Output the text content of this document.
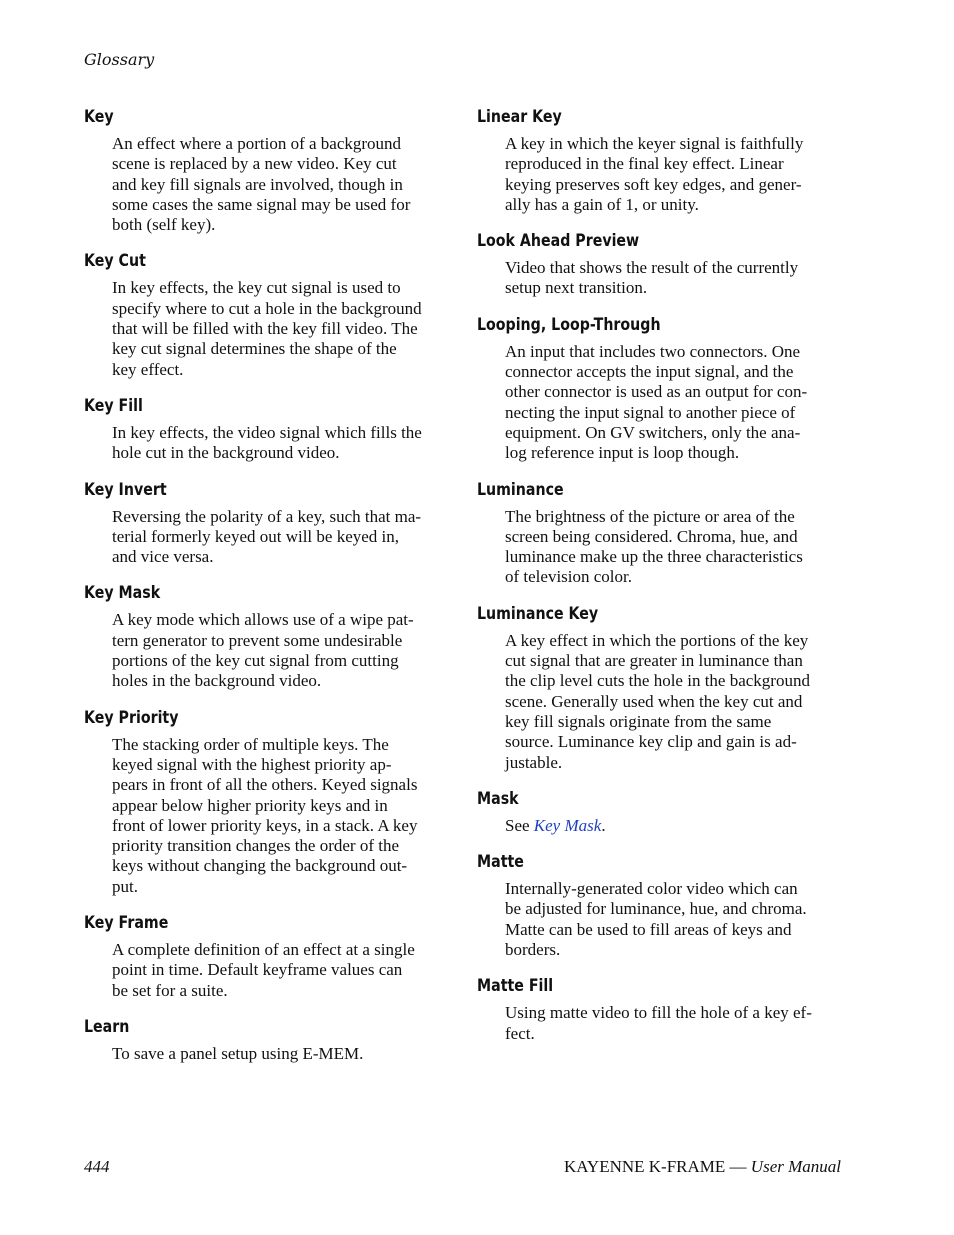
Glossary
Key
An effect where a portion of a background
scene is replaced by a new video. Key cut
and key fill signals are involved, though in
some cases the same signal may be used for
both (self key).
Key Cut
In key effects, the key cut signal is used to
specify where to cut a hole in the background
that will be filled with the key fill video. The
key cut signal determines the shape of the
key effect.
Key Fill
In key effects, the video signal which fills the
hole cut in the background video.
Key Invert
Reversing the polarity of a key, such that ma-
terial formerly keyed out will be keyed in,
and vice versa.
Key Mask
A key mode which allows use of a wipe pat-
tern generator to prevent some undesirable
portions of the key cut signal from cutting
holes in the background video.
Key Priority
The stacking order of multiple keys. The
keyed signal with the highest priority ap-
pears in front of all the others. Keyed signals
appear below higher priority keys and in
front of lower priority keys, in a stack. A key
priority transition changes the order of the
keys without changing the background out-
put.
Key Frame
A complete definition of an effect at a single
point in time. Default keyframe values can
be set for a suite.
Learn
To save a panel setup using E-MEM.
Linear Key
A key in which the keyer signal is faithfully
reproduced in the final key effect. Linear
keying preserves soft key edges, and gener-
ally has a gain of 1, or unity.
Look Ahead Preview
Video that shows the result of the currently
setup next transition.
Looping, Loop-Through
An input that includes two connectors. One
connector accepts the input signal, and the
other connector is used as an output for con-
necting the input signal to another piece of
equipment. On GV switchers, only the ana-
log reference input is loop though.
Luminance
The brightness of the picture or area of the
screen being considered. Chroma, hue, and
luminance make up the three characteristics
of television color.
Luminance Key
A key effect in which the portions of the key
cut signal that are greater in luminance than
the clip level cuts the hole in the background
scene. Generally used when the key cut and
key fill signals originate from the same
source. Luminance key clip and gain is ad-
justable.
Mask
See Key Mask.
Matte
Internally-generated color video which can
be adjusted for luminance, hue, and chroma.
Matte can be used to fill areas of keys and
borders.
Matte Fill
Using matte video to fill the hole of a key ef-
fect.
444	KAYENNE K-FRAME — User Manual
